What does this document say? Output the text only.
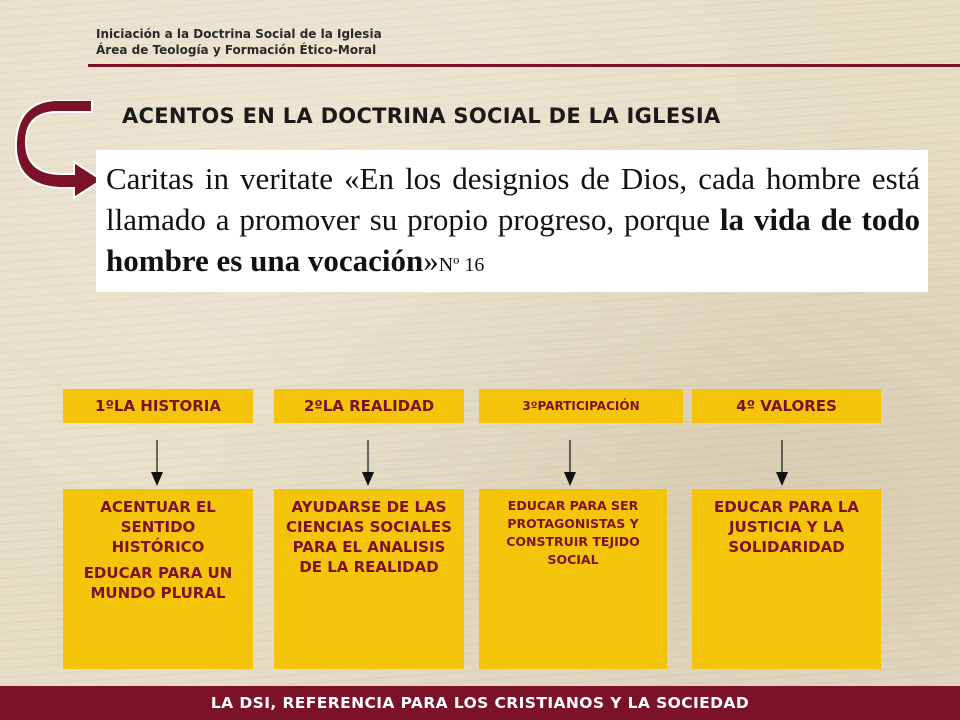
Iniciación a la Doctrina Social de la Iglesia
Área de Teología y Formación Ético-Moral
ACENTOS EN LA DOCTRINA SOCIAL DE LA IGLESIA
Caritas in veritate «En los designios de Dios, cada hombre está llamado a promover su propio progreso, porque la vida de todo hombre es una vocación»Nº 16
1ºLA HISTORIA

ACENTUAR EL SENTIDO HISTÓRICO

EDUCAR PARA UN MUNDO PLURAL

2ºLA REALIDAD

AYUDARSE DE LAS CIENCIAS SOCIALES PARA EL ANALISIS DE LA REALIDAD

3ºPARTICIPACIÓN

EDUCAR PARA SER PROTAGONISTAS Y CONSTRUIR TEJIDO SOCIAL

4º VALORES

EDUCAR PARA LA JUSTICIA Y LA SOLIDARIDAD

LA DSI, REFERENCIA PARA LOS CRISTIANOS Y LA SOCIEDAD
